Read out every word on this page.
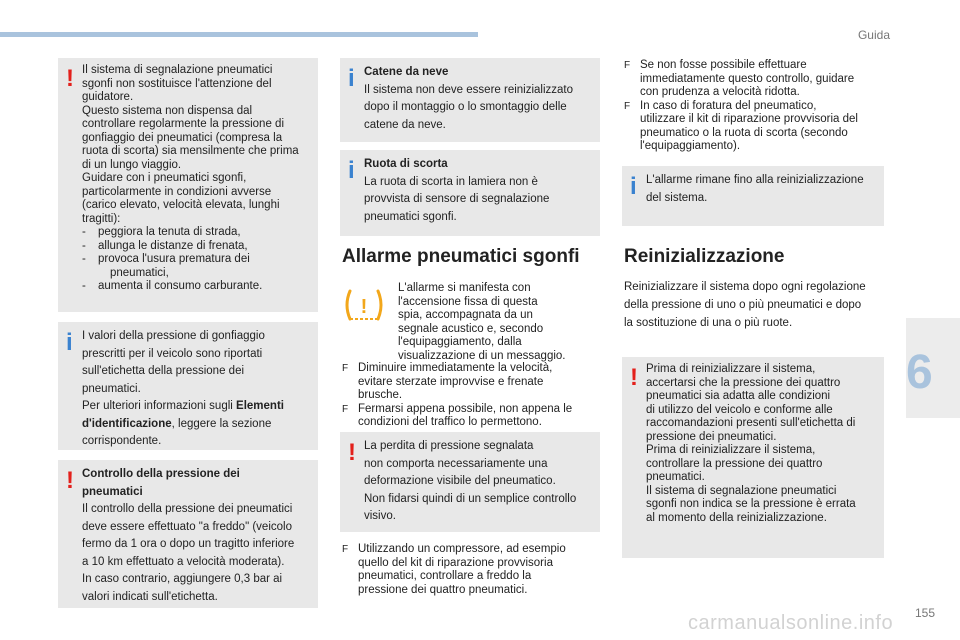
Guida
6
carmanualsonline.info 155
! Il sistema di segnalazione pneumatici

sgonfi non sostituisce l'attenzione del

guidatore.

Questo sistema non dispensa dal

controllare regolarmente la pressione di

gonfiaggio dei pneumatici (compresa la

ruota di scorta) sia mensilmente che prima

di un lungo viaggio.

Guidare con i pneumatici sgonfi,

particolarmente in condizioni avverse

(carico elevato, velocità elevata, lunghi

tragitti):

-	peggiora la tenuta di strada,
-	allunga le distanze di frenata,
-	provoca l'usura prematura dei
pneumatici,
-	aumenta il consumo carburante.
i I valori della pressione di gonfiaggio

prescritti per il veicolo sono riportati

sull'etichetta della pressione dei

pneumatici.

Per ulteriori informazioni sugli Elementi

d'identificazione, leggere la sezione

corrispondente.

! Controllo della pressione dei

pneumatici

Il controllo della pressione dei pneumatici

deve essere effettuato "a freddo" (veicolo

fermo da 1 ora o dopo un tragitto inferiore

a 10 km effettuato a velocità moderata).

In caso contrario, aggiungere 0,3 bar ai

valori indicati sull'etichetta.

i Catene da neve

Il sistema non deve essere reinizializzato

dopo il montaggio o lo smontaggio delle

catene da neve.

i Ruota di scorta

La ruota di scorta in lamiera non è

provvista di sensore di segnalazione

pneumatici sgonfi.

Allarme pneumatici sgonfi
!

L'allarme si manifesta con

l'accensione fissa di questa

spia, accompagnata da un

segnale acustico e, secondo

l'equipaggiamento, dalla

visualizzazione di un messaggio.

F Diminuire immediatamente la velocità,
evitare sterzate improvvise e frenate
brusche.
F Fermarsi appena possibile, non appena le
condizioni del traffico lo permettono.
! La perdita di pressione segnalata

non comporta necessariamente una

deformazione visibile del pneumatico.

Non fidarsi quindi di un semplice controllo

visivo.

F Utilizzando un compressore, ad esempio
quello del kit di riparazione provvisoria
pneumatici, controllare a freddo la
pressione dei quattro pneumatici.
F Se non fosse possibile effettuare
immediatamente questo controllo, guidare
con prudenza a velocità ridotta.
F In caso di foratura del pneumatico,
utilizzare il kit di riparazione provvisoria del
pneumatico o la ruota di scorta (secondo
l'equipaggiamento).
i L'allarme rimane fino alla reinizializzazione

del sistema.

Reinizializzazione

Reinizializzare il sistema dopo ogni regolazione

della pressione di uno o più pneumatici e dopo

la sostituzione di una o più ruote.

! Prima di reinizializzare il sistema,

accertarsi che la pressione dei quattro

pneumatici sia adatta alle condizioni

di utilizzo del veicolo e conforme alle

raccomandazioni presenti sull'etichetta di

pressione dei pneumatici.

Prima di reinizializzare il sistema,

controllare la pressione dei quattro

pneumatici.

Il sistema di segnalazione pneumatici

sgonfi non indica se la pressione è errata

al momento della reinizializzazione.
